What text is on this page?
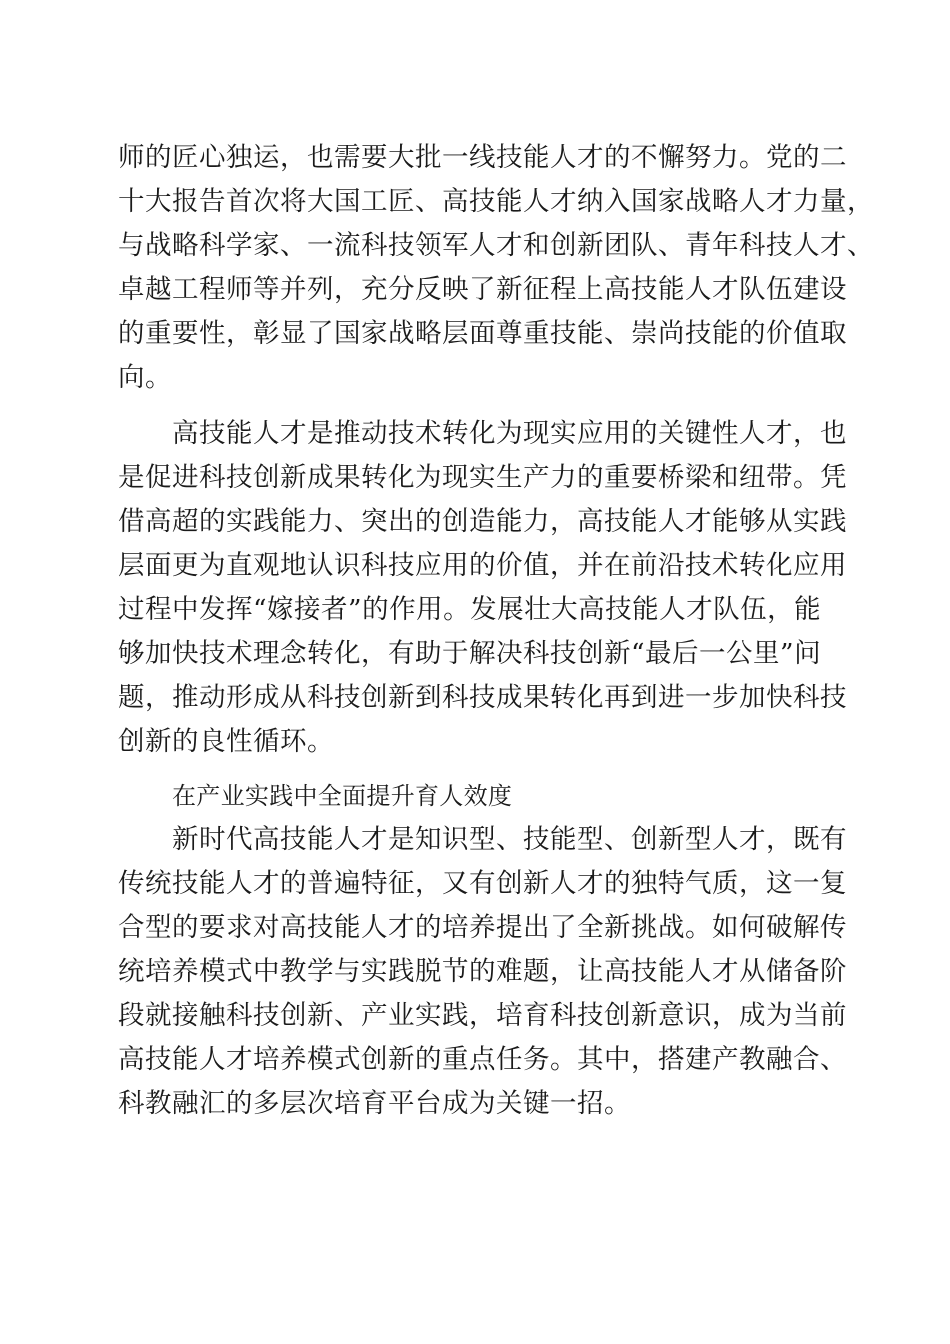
师的匠心独运，也需要大批一线技能人才的不懈努力。党的二
十大报告首次将大国工匠、高技能人才纳入国家战略人才力量，
与战略科学家、一流科技领军人才和创新团队、青年科技人才、
卓越工程师等并列，充分反映了新征程上高技能人才队伍建设
的重要性，彰显了国家战略层面尊重技能、崇尚技能的价值取
向。
高技能人才是推动技术转化为现实应用的关键性人才，也
是促进科技创新成果转化为现实生产力的重要桥梁和纽带。凭
借高超的实践能力、突出的创造能力，高技能人才能够从实践
层面更为直观地认识科技应用的价值，并在前沿技术转化应用
过程中发挥“嫁接者”的作用。发展壮大高技能人才队伍，能
够加快技术理念转化，有助于解决科技创新“最后一公里”问
题，推动形成从科技创新到科技成果转化再到进一步加快科技
创新的良性循环。
在产业实践中全面提升育人效度
新时代高技能人才是知识型、技能型、创新型人才，既有
传统技能人才的普遍特征，又有创新人才的独特气质，这一复
合型的要求对高技能人才的培养提出了全新挑战。如何破解传
统培养模式中教学与实践脱节的难题，让高技能人才从储备阶
段就接触科技创新、产业实践，培育科技创新意识，成为当前
高技能人才培养模式创新的重点任务。其中，搭建产教融合、
科教融汇的多层次培育平台成为关键一招。
